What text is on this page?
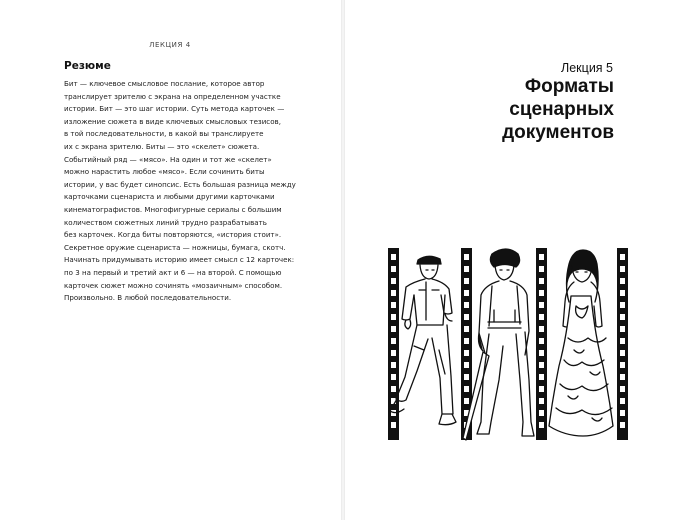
ЛЕКЦИЯ 4
Резюме
Бит — ключевое смысловое послание, которое автор
транслирует зрителю с экрана на определенном участке
истории. Бит — это шаг истории. Суть метода карточек —
изложение сюжета в виде ключевых смысловых тезисов,
в той последовательности, в какой вы транслируете
их с экрана зрителю. Биты — это «скелет» сюжета.
Событийный ряд — «мясо». На один и тот же «скелет»
можно нарастить любое «мясо». Если сочинить биты
истории, у вас будет синопсис. Есть большая разница между
карточками сценариста и любыми другими карточками
кинематографистов. Многофигурные сериалы с большим
количеством сюжетных линий трудно разрабатывать
без карточек. Когда биты повторяются, «история стоит».
Секретное оружие сценариста — ножницы, бумага, скотч.
Начинать придумывать историю имеет смысл с 12 карточек:
по 3 на первый и третий акт и 6 — на второй. С помощью
карточек сюжет можно сочинять «мозаичным» способом.
Произвольно. В любой последовательности.
Лекция 5
Форматы
сценарных
документов
